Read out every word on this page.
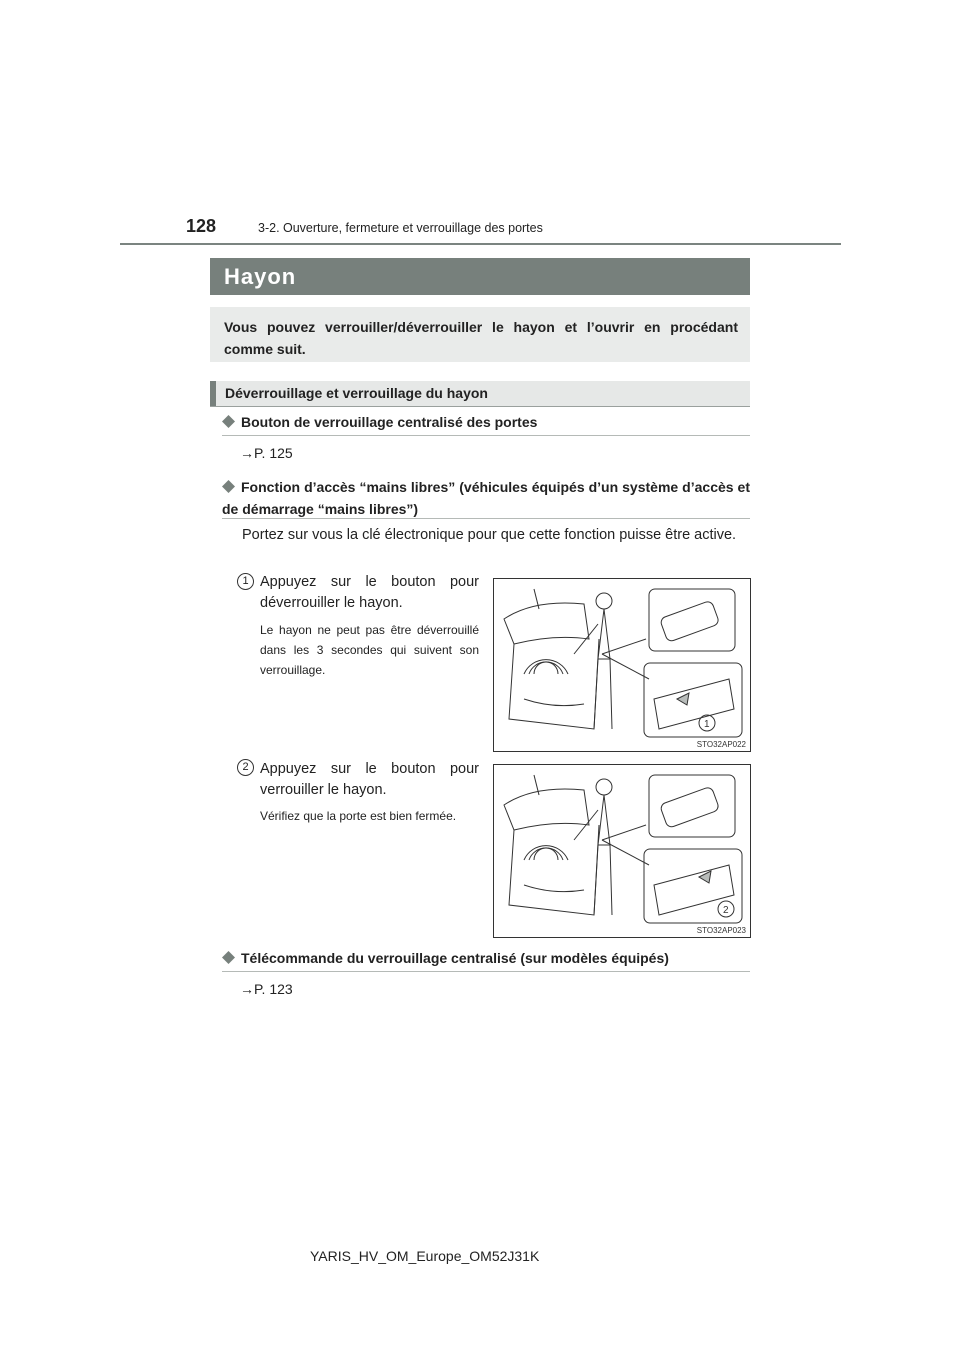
128	3-2. Ouverture, fermeture et verrouillage des portes
Hayon
Vous pouvez verrouiller/déverrouiller le hayon et l’ouvrir en procédant comme suit.
Déverrouillage et verrouillage du hayon
Bouton de verrouillage centralisé des portes
→P. 125
Fonction d’accès “mains libres” (véhicules équipés d’un système d’accès et de démarrage “mains libres”)
Portez sur vous la clé électronique pour que cette fonction puisse être active.
1 Appuyez sur le bouton pour déverrouiller le hayon.
Le hayon ne peut pas être déverrouillé dans les 3 secondes qui suivent son verrouillage.
1
STO32AP022
2 Appuyez sur le bouton pour verrouiller le hayon.
Vérifiez que la porte est bien fermée.
2
STO32AP023
Télécommande du verrouillage centralisé (sur modèles équipés)
→P. 123
YARIS_HV_OM_Europe_OM52J31K
